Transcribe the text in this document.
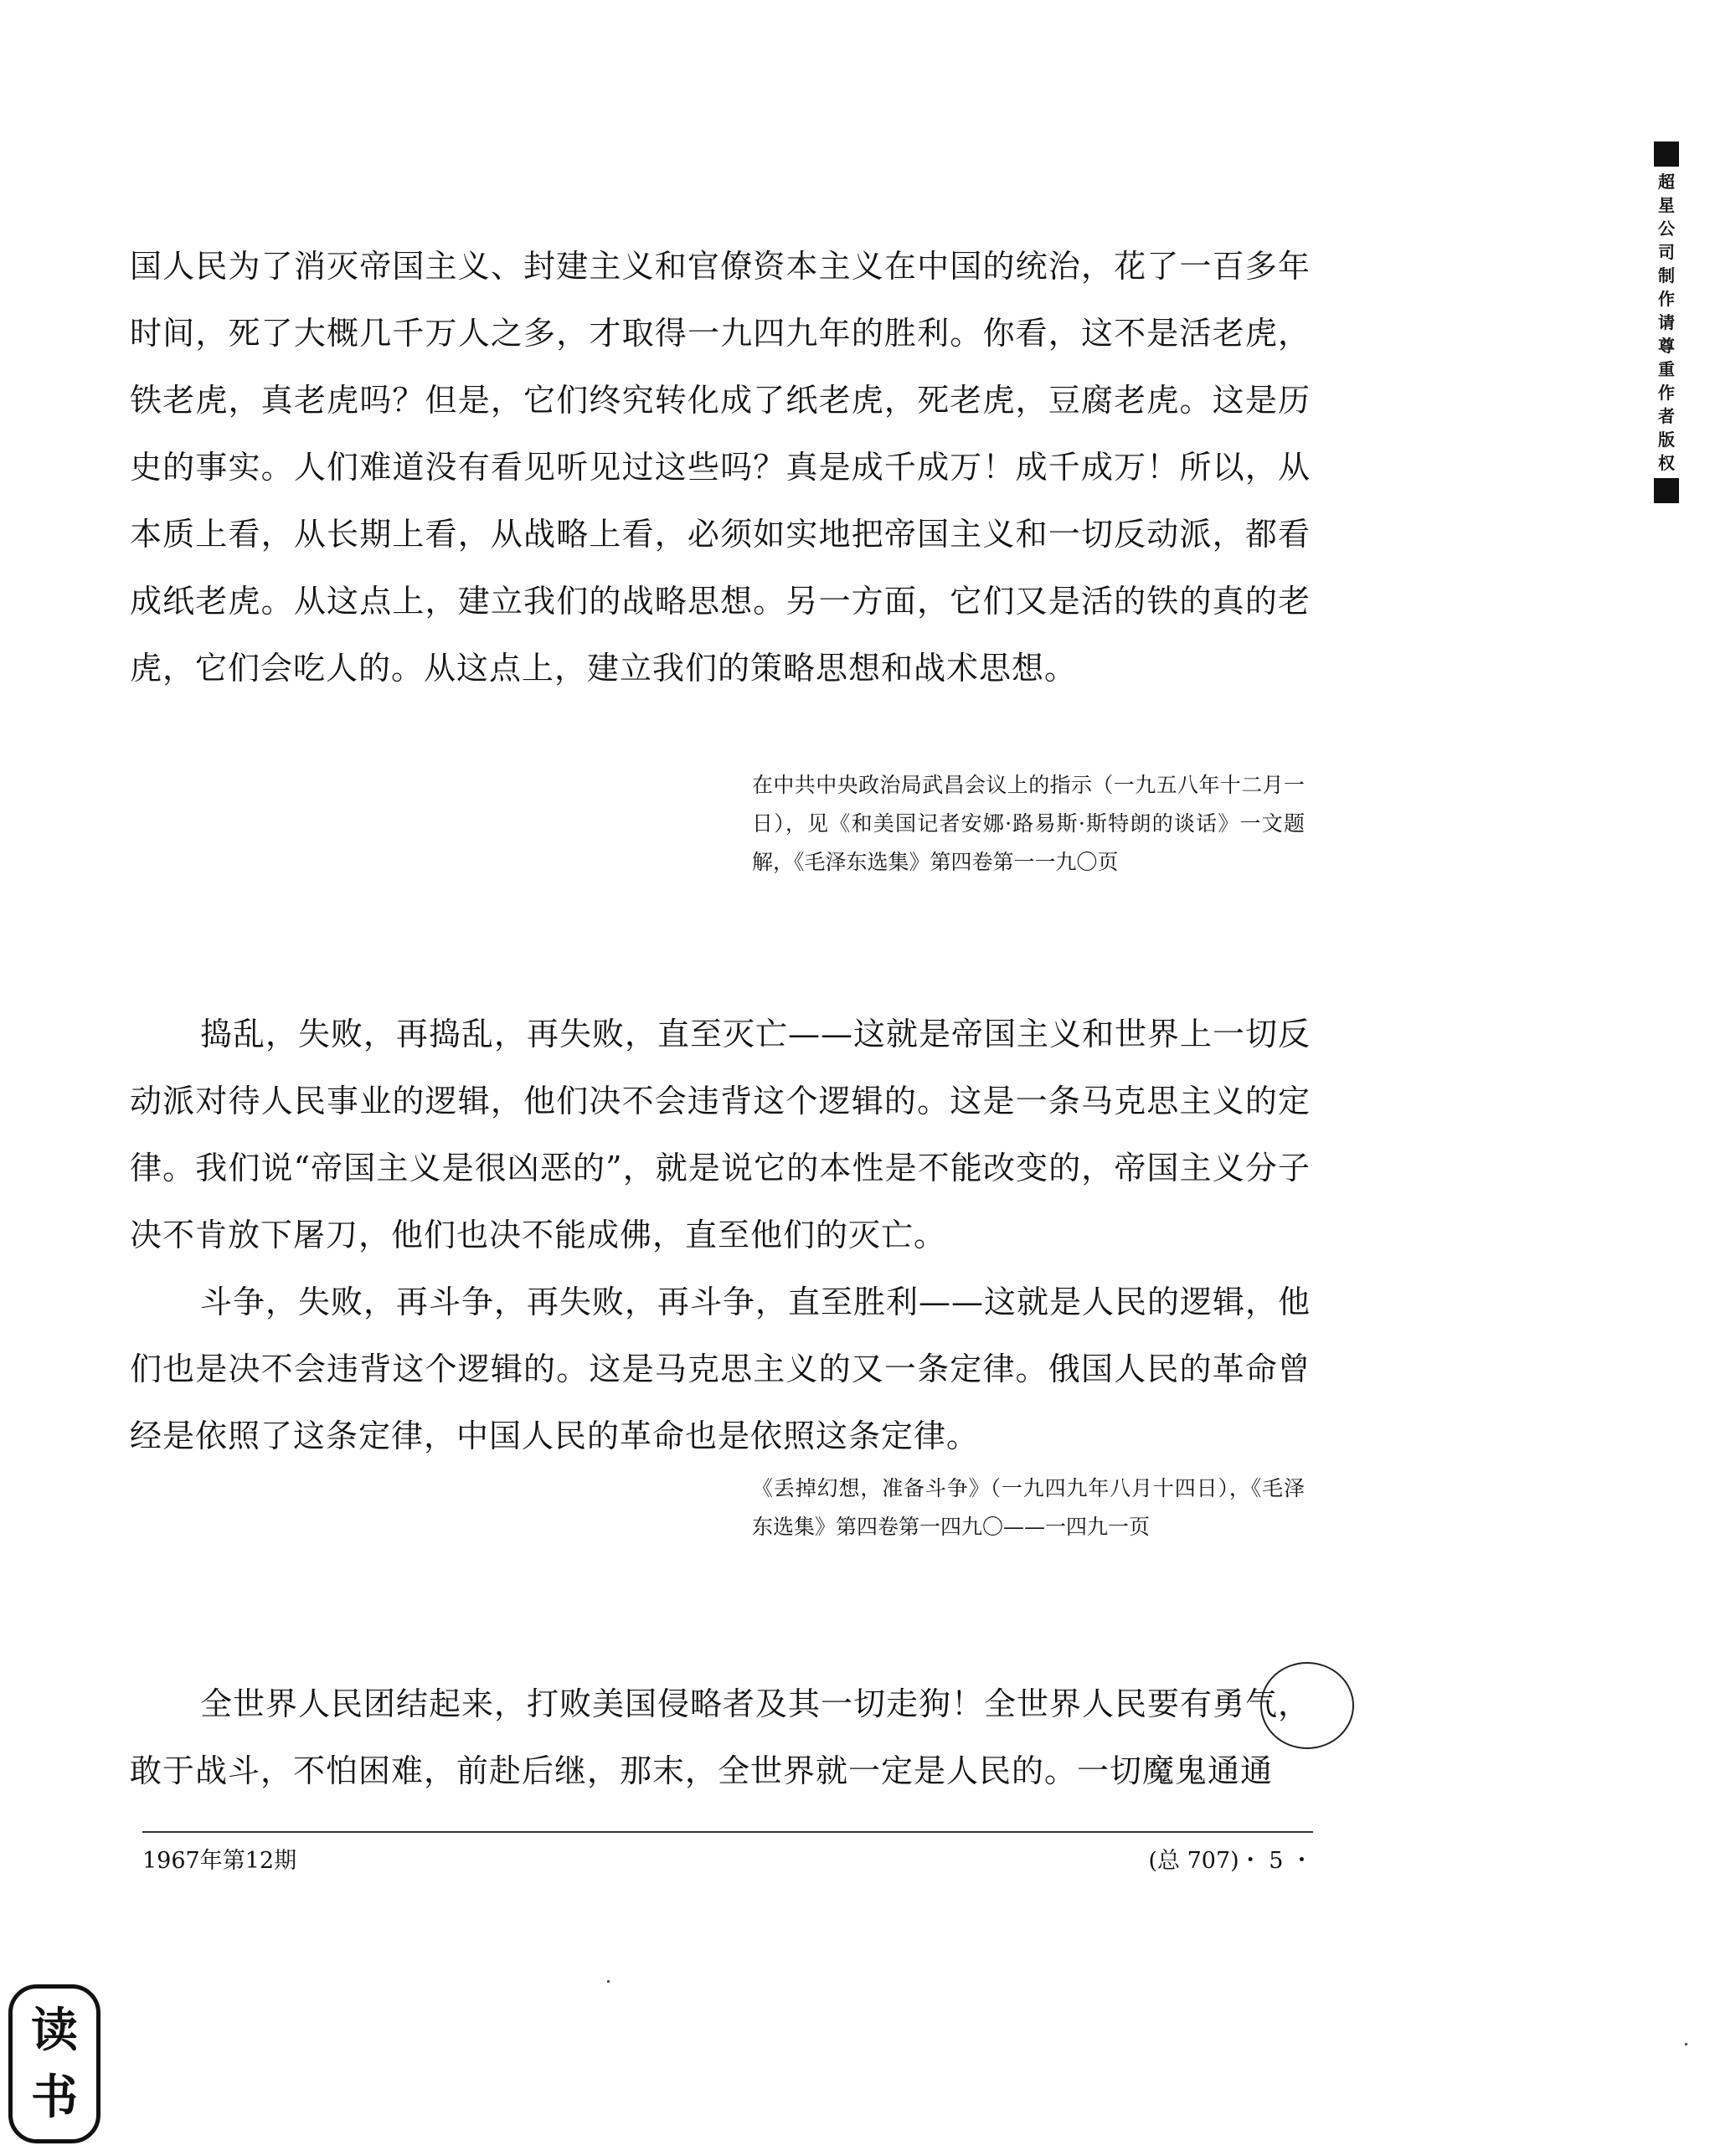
国人民为了消灭帝国主义、封建主义和官僚资本主义在中国的统治，花了一百多年时间，死了大概几千万人之多，才取得一九四九年的胜利。你看，这不是活老虎，铁老虎，真老虎吗？但是，它们终究转化成了纸老虎，死老虎，豆腐老虎。这是历史的事实。人们难道没有看见听见过这些吗？真是成千成万！成千成万！所以，从本质上看，从长期上看，从战略上看，必须如实地把帝国主义和一切反动派，都看成纸老虎。从这点上，建立我们的战略思想。另一方面，它们又是活的铁的真的老虎，它们会吃人的。从这点上，建立我们的策略思想和战术思想。

在中共中央政治局武昌会议上的指示（一九五八年十二月一日），见《和美国记者安娜·路易斯·斯特朗的谈话》一文题解，《毛泽东选集》第四卷第一一九〇页

捣乱，失败，再捣乱，再失败，直至灭亡——这就是帝国主义和世界上一切反动派对待人民事业的逻辑，他们决不会违背这个逻辑的。这是一条马克思主义的定律。我们说“帝国主义是很凶恶的”，就是说它的本性是不能改变的，帝国主义分子决不肯放下屠刀，他们也决不能成佛，直至他们的灭亡。

斗争，失败，再斗争，再失败，再斗争，直至胜利——这就是人民的逻辑，他们也是决不会违背这个逻辑的。这是马克思主义的又一条定律。俄国人民的革命曾经是依照了这条定律，中国人民的革命也是依照这条定律。

《丢掉幻想，准备斗争》（一九四九年八月十四日），《毛泽东选集》第四卷第一四九〇——一四九一页

全世界人民团结起来，打败美国侵略者及其一切走狗！全世界人民要有勇气，敢于战斗，不怕困难，前赴后继，那末，全世界就一定是人民的。一切魔鬼通通

1967年第12期	(总 707)・ 5 ・
超星公司制作请尊重作者版权
读书
